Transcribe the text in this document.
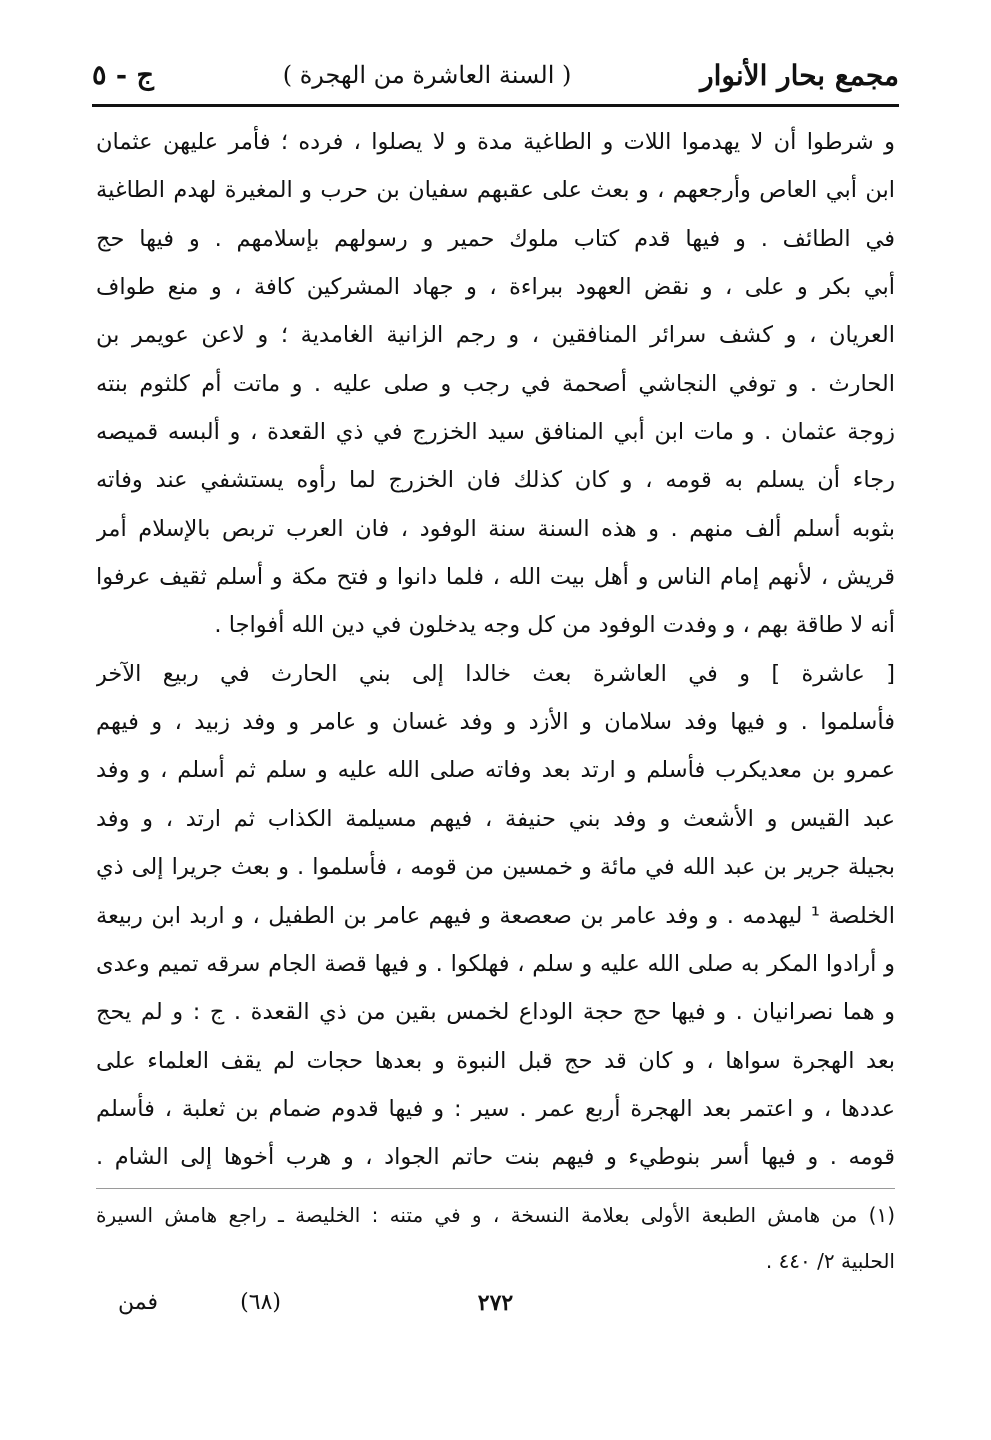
مجمع بحار الأنوار
( السنة العاشرة من الهجرة )
ج - ٥
و شرطوا أن لا يهدموا اللات و الطاغية مدة و لا يصلوا ، فرده ؛ فأمر عليهن عثمان
ابن أبي العاص وأرجعهم ، و بعث على عقبهم سفيان بن حرب و المغيرة لهدم الطاغية
في الطائف . و فيها قدم كتاب ملوك حمير و رسولهم بإسلامهم . و فيها حج
أبي بكر و على ، و نقض العهود ببراءة ، و جهاد المشركين كافة ، و منع طواف
العريان ، و كشف سرائر المنافقين ، و رجم الزانية الغامدية ؛ و لاعن عويمر بن
الحارث . و توفي النجاشي أصحمة في رجب و صلى عليه . و ماتت أم كلثوم بنته
زوجة عثمان . و مات ابن أبي المنافق سيد الخزرج في ذي القعدة ، و ألبسه قميصه
رجاء أن يسلم به قومه ، و كان كذلك فان الخزرج لما رأوه يستشفي عند وفاته
بثوبه أسلم ألف منهم . و هذه السنة سنة الوفود ، فان العرب تربص بالإسلام أمر
قريش ، لأنهم إمام الناس و أهل بيت الله ، فلما دانوا و فتح مكة و أسلم ثقيف عرفوا
أنه لا طاقة بهم ، و وفدت الوفود من كل وجه يدخلون في دين الله أفواجا .
[ عاشرة ] و في العاشرة بعث خالدا إلى بني الحارث في ربيع الآخر
فأسلموا . و فيها وفد سلامان و الأزد و وفد غسان و عامر و وفد زبيد ، و فيهم
عمرو بن معديكرب فأسلم و ارتد بعد وفاته صلى الله عليه و سلم ثم أسلم ، و وفد
عبد القيس و الأشعث و وفد بني حنيفة ، فيهم مسيلمة الكذاب ثم ارتد ، و وفد
بجيلة جرير بن عبد الله في مائة و خمسين من قومه ، فأسلموا . و بعث جريرا إلى ذي
الخلصة ¹ ليهدمه . و وفد عامر بن صعصعة و فيهم عامر بن الطفيل ، و اربد ابن ربيعة
و أرادوا المكر به صلى الله عليه و سلم ، فهلكوا . و فيها قصة الجام سرقه تميم وعدى
و هما نصرانيان . و فيها حج حجة الوداع لخمس بقين من ذي القعدة . ج : و لم يحج
بعد الهجرة سواها ، و كان قد حج قبل النبوة و بعدها حجات لم يقف العلماء على
عددها ، و اعتمر بعد الهجرة أربع عمر . سير : و فيها قدوم ضمام بن ثعلبة ، فأسلم
قومه . و فيها أسر بنوطيء و فيهم بنت حاتم الجواد ، و هرب أخوها إلى الشام .
(١) من هامش الطبعة الأولى بعلامة النسخة ، و في متنه : الخليصة ـ راجع هامش السيرة
الحلبية ٢/ ٤٤٠ .
٢٧٢
(٦٨)
فمن
